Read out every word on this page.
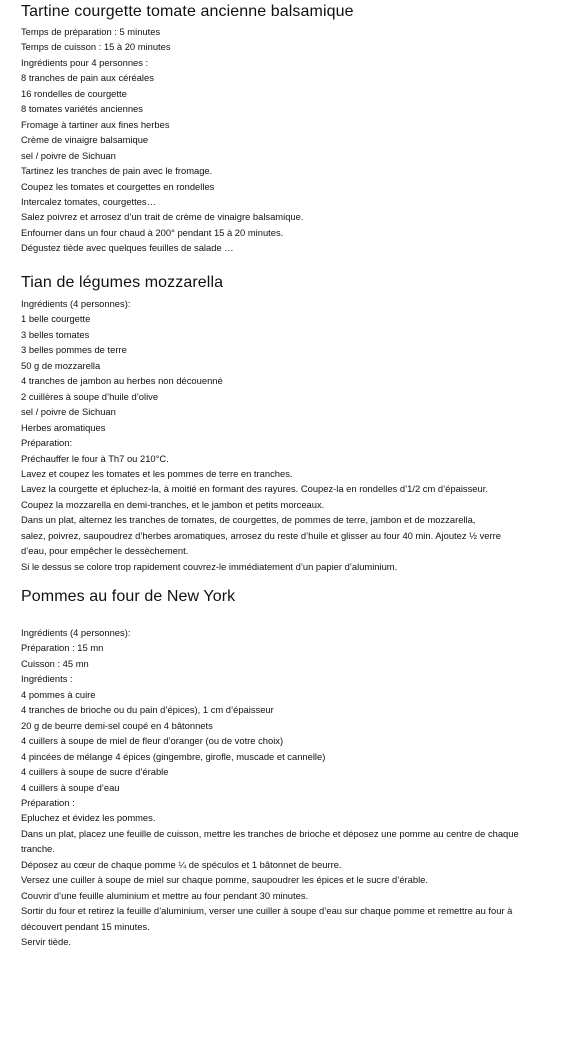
Tartine courgette tomate ancienne balsamique

Temps de préparation : 5 minutes

Temps de cuisson : 15 à 20 minutes

Ingrédients pour 4 personnes :

8 tranches de pain aux céréales

16 rondelles de courgette

8 tomates variétés anciennes

Fromage à tartiner aux fines herbes

Crème de vinaigre balsamique

sel / poivre de Sichuan

Tartinez les tranches de pain avec le fromage.

Coupez les tomates et courgettes en rondelles

Intercalez tomates, courgettes…

Salez poivrez et arrosez d’un trait de crème de vinaigre balsamique.

Enfourner dans un four chaud à 200° pendant 15 à 20 minutes.

Dégustez tiède avec quelques feuilles de salade …

Tian de légumes mozzarella

Ingrédients (4 personnes):

1 belle courgette

3 belles tomates

3 belles pommes de terre

50 g de mozzarella

4 tranches de jambon au herbes non découenné

2 cuillères à soupe d’huile d’olive

sel / poivre de Sichuan

Herbes aromatiques

Préparation:

Préchauffer le four à Th7 ou 210°C.

Lavez et coupez les tomates et les pommes de terre en tranches.

Lavez la courgette et épluchez-la, à moitié en formant des rayures. Coupez-la en rondelles d’1/2 cm d’épaisseur.

Coupez la mozzarella en demi-tranches, et le jambon et petits morceaux.

Dans un plat, alternez les tranches de tomates, de courgettes, de pommes de terre, jambon et de mozzarella,

salez, poivrez, saupoudrez d’herbes aromatiques, arrosez du reste d’huile et glisser au four 40 min. Ajoutez ½ verre

d’eau, pour empêcher le dessèchement.

Si le dessus se colore trop rapidement couvrez-le immédiatement d’un papier d’aluminium.

Pommes au four de New York

Ingrédients (4 personnes):

Préparation : 15 mn

Cuisson : 45 mn

Ingrédients :

4 pommes à cuire

4 tranches de brioche ou du pain d’épices), 1 cm d’épaisseur

20 g de beurre demi-sel coupé en 4 bâtonnets

4 cuillers à soupe de miel de fleur d’oranger (ou de votre choix)

4 pincées de mélange 4 épices (gingembre, girofle, muscade et cannelle)

4 cuillers à soupe de sucre d’érable

4 cuillers à soupe d’eau

Préparation :

Epluchez et évidez les pommes.

Dans un plat, placez une feuille de cuisson, mettre les tranches de brioche et déposez une pomme au centre de chaque

tranche.

Déposez au cœur de chaque pomme ¼ de spéculos et 1 bâtonnet de beurre.

Versez une cuiller à soupe de miel sur chaque pomme, saupoudrer les épices et le sucre d’érable.

Couvrir d’une feuille aluminium et mettre au four pendant 30 minutes.

Sortir du four et retirez la feuille d’aluminium, verser une cuiller à soupe d’eau sur chaque pomme et remettre au four à

découvert pendant 15 minutes.

Servir tiède.
